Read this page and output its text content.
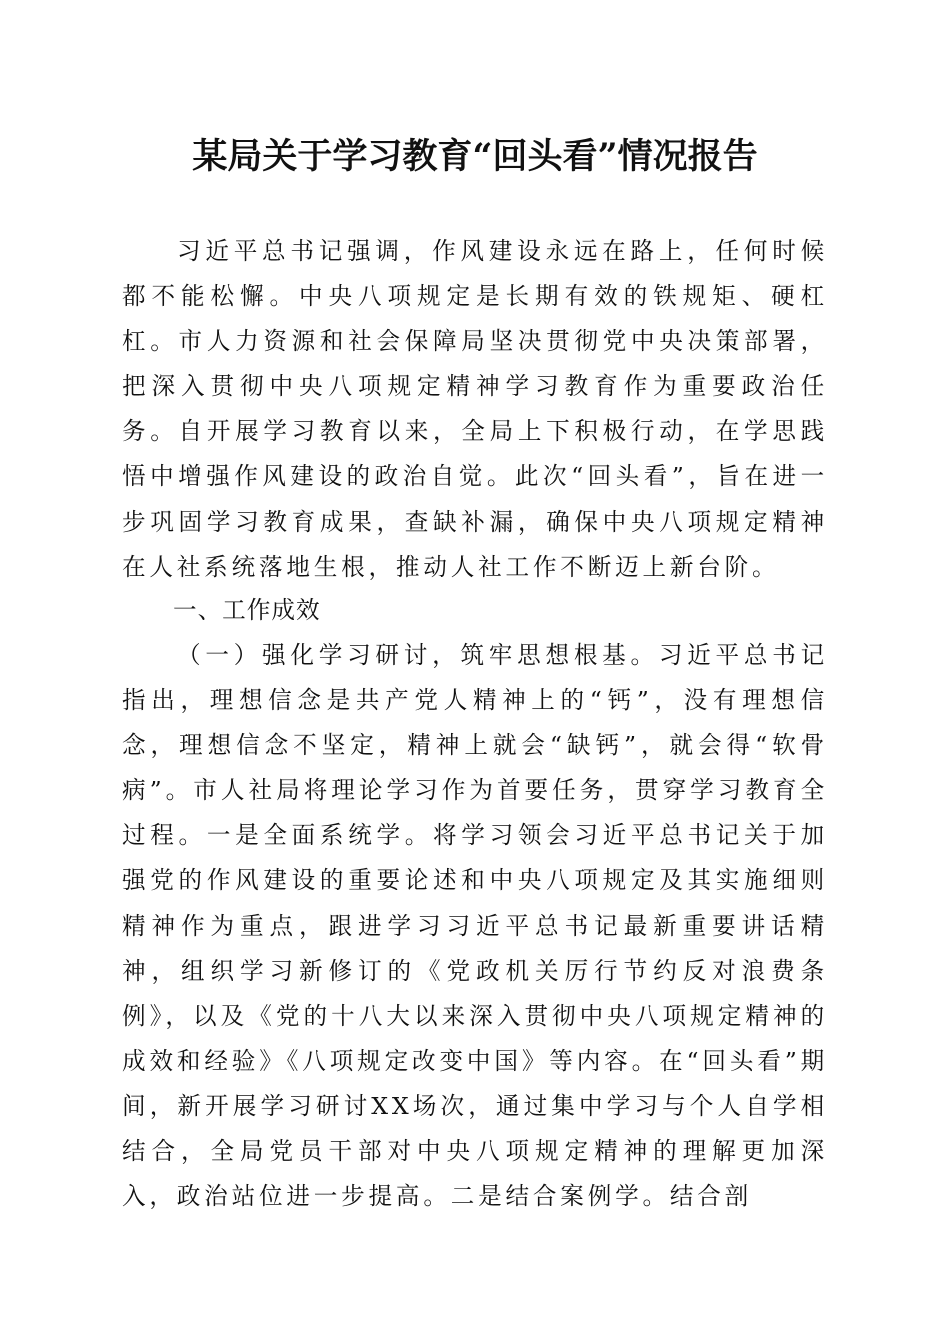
某局关于学习教育“回头看”情况报告

习近平总书记强调，作风建设永远在路上，任何时候都不能松懈。中央八项规定是长期有效的铁规矩、硬杠杠。市人力资源和社会保障局坚决贯彻党中央决策部署，把深入贯彻中央八项规定精神学习教育作为重要政治任务。自开展学习教育以来，全局上下积极行动，在学思践悟中增强作风建设的政治自觉。此次“回头看”，旨在进一步巩固学习教育成果，查缺补漏，确保中央八项规定精神在人社系统落地生根，推动人社工作不断迈上新台阶。

一、工作成效

（一）强化学习研讨，筑牢思想根基。习近平总书记指出，理想信念是共产党人精神上的“钙”，没有理想信念，理想信念不坚定，精神上就会“缺钙”，就会得“软骨病”。市人社局将理论学习作为首要任务，贯穿学习教育全过程。一是全面系统学。将学习领会习近平总书记关于加强党的作风建设的重要论述和中央八项规定及其实施细则精神作为重点，跟进学习习近平总书记最新重要讲话精神，组织学习新修订的《党政机关厉行节约反对浪费条例》，以及《党的十八大以来深入贯彻中央八项规定精神的成效和经验》《八项规定改变中国》等内容。在“回头看”期间，新开展学习研讨XX场次，通过集中学习与个人自学相结合，全局党员干部对中央八项规定精神的理解更加深入，政治站位进一步提高。二是结合案例学。结合剖
